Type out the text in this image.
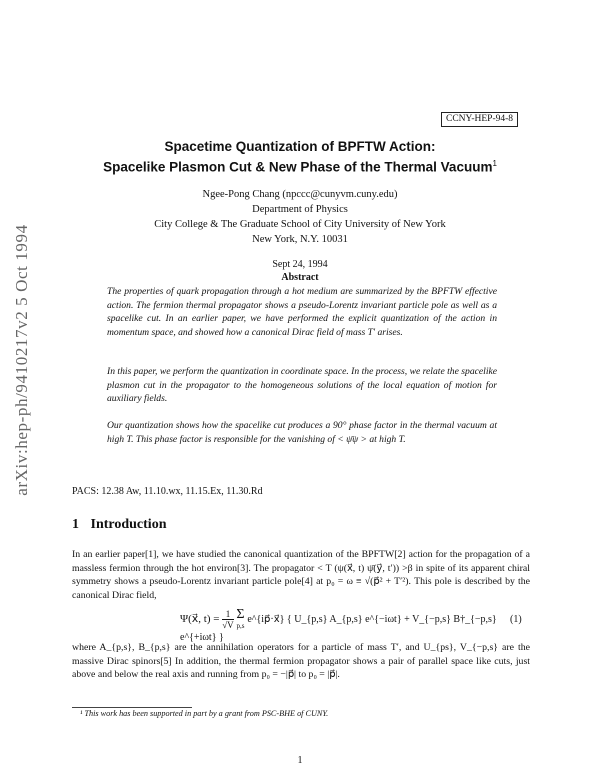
CCNY-HEP-94-8
arXiv:hep-ph/9410217v2 5 Oct 1994
Spacetime Quantization of BPFTW Action:
Spacelike Plasmon Cut & New Phase of the Thermal Vacuum$^1$
Ngee-Pong Chang (npccc@cunyvm.cuny.edu)
Department of Physics
City College & The Graduate School of City University of New York
New York, N.Y. 10031
Sept 24, 1994
Abstract

The properties of quark propagation through a hot medium are summarized by the BPFTW effective action. The fermion thermal propagator shows a pseudo-Lorentz invariant particle pole as well as a spacelike cut. In an earlier paper, we have performed the explicit quantization of the action in momentum space, and showed how a canonical Dirac field of mass T′ arises.

In this paper, we perform the quantization in coordinate space. In the process, we relate the spacelike plasmon cut in the propagator to the homogeneous solutions of the local equation of motion for auxiliary fields.

Our quantization shows how the spacelike cut produces a 90° phase factor in the thermal vacuum at high T. This phase factor is responsible for the vanishing of < ψ̄ψ > at high T.

PACS: 12.38 Aw, 11.10.wx, 11.15.Ex, 11.30.Rd
1 Introduction

In an earlier paper[1], we have studied the canonical quantization of the BPFTW[2] action for the propagation of a massless fermion through the hot environ[3]. The propagator < T (ψ(x⃗, t) ψ̄(y⃗, t′)) >β in spite of its apparent chiral symmetry shows a pseudo-Lorentz invariant particle pole[4] at p₀ = ω ≡ √(p⃗² + T′²). This pole is described by the canonical Dirac field,

Ψ(x⃗, $t) = \frac{1}{√V}$
Σ
p,s
e^{ip⃗·x⃗} { U_{p,s} A_{p,s} e^{−iωt} + V_{−p,s} B†_{−p,s} e^{+iωt} }
(1)

where A_{p,s}, B_{p,s} are the annihilation operators for a particle of mass T′, and U_{ps}, V_{−p,s} are the massive Dirac spinors[5] In addition, the thermal fermion propagator shows a pair of parallel space like cuts, just above and below the real axis and running from p₀ = −|p⃗| to p₀ = |p⃗|.

¹ This work has been supported in part by a grant from PSC-BHE of CUNY.
1
